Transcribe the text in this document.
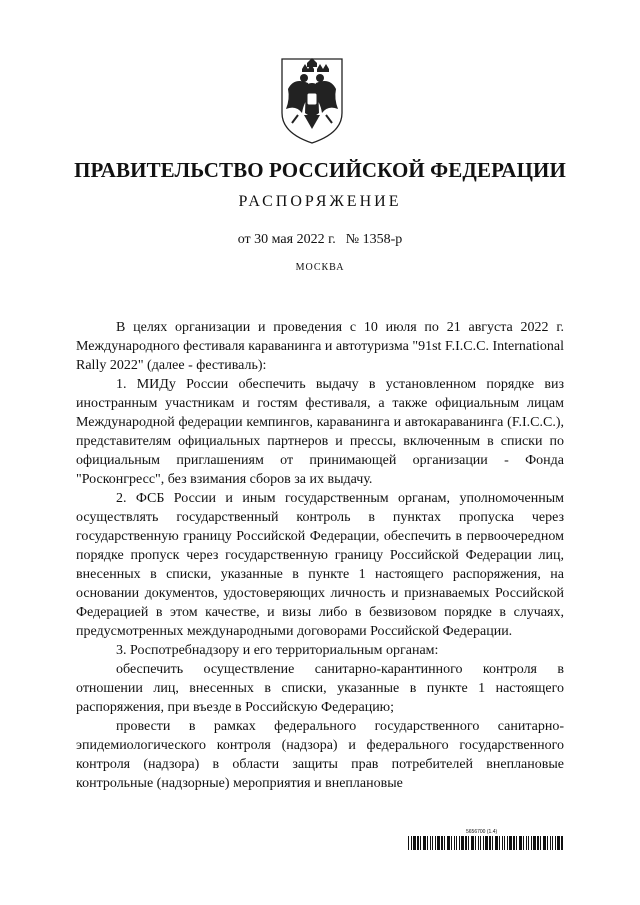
ПРАВИТЕЛЬСТВО РОССИЙСКОЙ ФЕДЕРАЦИИ
РАСПОРЯЖЕНИЕ
от 30 мая 2022 г. № 1358-р
МОСКВА

В целях организации и проведения с 10 июля по 21 августа 2022 г. Международного фестиваля караванинга и автотуризма "91st F.I.C.C. International Rally 2022" (далее - фестиваль):

1. МИДу России обеспечить выдачу в установленном порядке виз иностранным участникам и гостям фестиваля, а также официальным лицам Международной федерации кемпингов, караванинга и автокараванинга (F.I.C.C.), представителям официальных партнеров и прессы, включенным в списки по официальным приглашениям от принимающей организации - Фонда "Росконгресс", без взимания сборов за их выдачу.

2. ФСБ России и иным государственным органам, уполномоченным осуществлять государственный контроль в пунктах пропуска через государственную границу Российской Федерации, обеспечить в первоочередном порядке пропуск через государственную границу Российской Федерации лиц, внесенных в списки, указанные в пункте 1 настоящего распоряжения, на основании документов, удостоверяющих личность и признаваемых Российской Федерацией в этом качестве, и визы либо в безвизовом порядке в случаях, предусмотренных международными договорами Российской Федерации.

3. Роспотребнадзору и его территориальным органам:

обеспечить осуществление санитарно-карантинного контроля в отношении лиц, внесенных в списки, указанные в пункте 1 настоящего распоряжения, при въезде в Российскую Федерацию;

провести в рамках федерального государственного санитарно-эпидемиологического контроля (надзора) и федерального государственного контроля (надзора) в области защиты прав потребителей внеплановые контрольные (надзорные) мероприятия и внеплановые

5656700 (1.4)
